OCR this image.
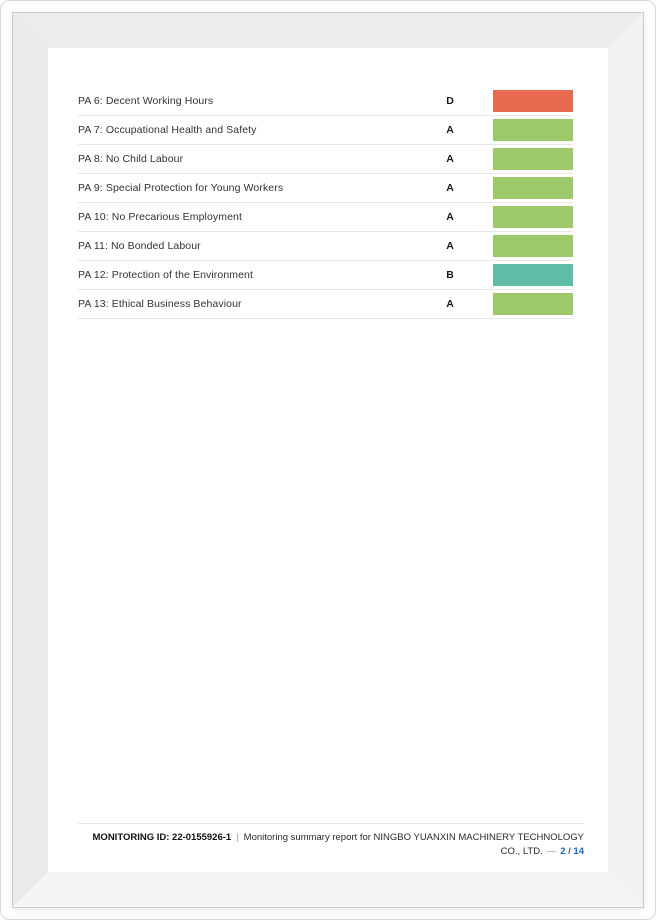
PA 6: Decent Working Hours	D
PA 7: Occupational Health and Safety	A
PA 8: No Child Labour	A
PA 9: Special Protection for Young Workers	A
PA 10: No Precarious Employment	A
PA 11: No Bonded Labour	A
PA 12: Protection of the Environment	B
PA 13: Ethical Business Behaviour	A

MONITORING ID: 22-0155926-1 | Monitoring summary report for NINGBO YUANXIN MACHINERY TECHNOLOGY CO., LTD. — 2 / 14
